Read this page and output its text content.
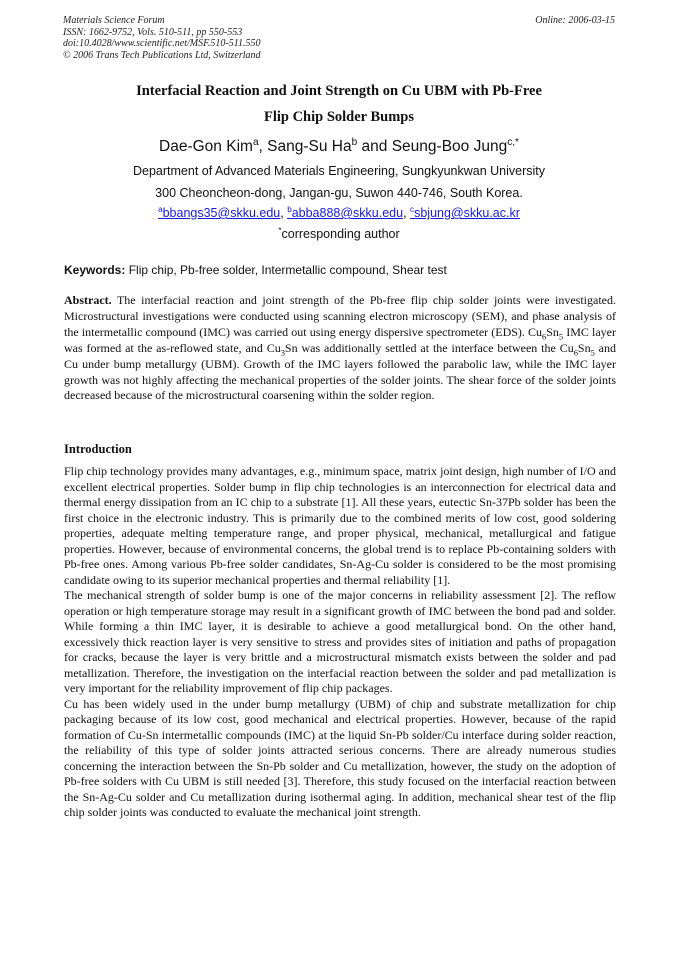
Materials Science Forum
ISSN: 1662-9752, Vols. 510-511, pp 550-553
doi:10.4028/www.scientific.net/MSF.510-511.550
© 2006 Trans Tech Publications Ltd, Switzerland
Online: 2006-03-15
Interfacial Reaction and Joint Strength on Cu UBM with Pb-Free
Flip Chip Solder Bumps
Dae-Gon Kim$^a$, Sang-Su Ha$^b$ and Seung-Boo Jung$^{c,*}$
Department of Advanced Materials Engineering, Sungkyunkwan University
300 Cheoncheon-dong, Jangan-gu, Suwon 440-746, South Korea.
$^a$bbangs35@skku.edu, $^b$abba888@skku.edu, $^c$sbjung@skku.ac.kr
*corresponding author
Keywords: Flip chip, Pb-free solder, Intermetallic compound, Shear test

Abstract. The interfacial reaction and joint strength of the Pb-free flip chip solder joints were investigated. Microstructural investigations were conducted using scanning electron microscopy (SEM), and phase analysis of the intermetallic compound (IMC) was carried out using energy dispersive spectrometer (EDS). $Cu_6Sn_5$ IMC layer was formed at the as-reflowed state, and $Cu_3Sn$ was additionally settled at the interface between the $Cu_6Sn_5$ and Cu under bump metallurgy (UBM). Growth of the IMC layers followed the parabolic law, while the IMC layer growth was not highly affecting the mechanical properties of the solder joints. The shear force of the solder joints decreased because of the microstructural coarsening within the solder region.

Introduction

Flip chip technology provides many advantages, e.g., minimum space, matrix joint design, high number of I/O and excellent electrical properties. Solder bump in flip chip technologies is an interconnection for electrical data and thermal energy dissipation from an IC chip to a substrate [1]. All these years, eutectic Sn-37Pb solder has been the first choice in the electronic industry. This is primarily due to the combined merits of low cost, good soldering properties, adequate melting temperature range, and proper physical, mechanical, metallurgical and fatigue properties. However, because of environmental concerns, the global trend is to replace Pb-containing solders with Pb-free ones. Among various Pb-free solder candidates, Sn-Ag-Cu solder is considered to be the most promising candidate owing to its superior mechanical properties and thermal reliability [1].

The mechanical strength of solder bump is one of the major concerns in reliability assessment [2]. The reflow operation or high temperature storage may result in a significant growth of IMC between the bond pad and solder. While forming a thin IMC layer, it is desirable to achieve a good metallurgical bond. On the other hand, excessively thick reaction layer is very sensitive to stress and provides sites of initiation and paths of propagation for cracks, because the layer is very brittle and a microstructural mismatch exists between the solder and pad metallization. Therefore, the investigation on the interfacial reaction between the solder and pad metallization is very important for the reliability improvement of flip chip packages.

Cu has been widely used in the under bump metallurgy (UBM) of chip and substrate metallization for chip packaging because of its low cost, good mechanical and electrical properties. However, because of the rapid formation of Cu-Sn intermetallic compounds (IMC) at the liquid Sn-Pb solder/Cu interface during solder reaction, the reliability of this type of solder joints attracted serious concerns. There are already numerous studies concerning the interaction between the Sn-Pb solder and Cu metallization, however, the study on the adoption of Pb-free solders with Cu UBM is still needed [3]. Therefore, this study focused on the interfacial reaction between the Sn-Ag-Cu solder and Cu metallization during isothermal aging. In addition, mechanical shear test of the flip chip solder joints was conducted to evaluate the mechanical joint strength.
